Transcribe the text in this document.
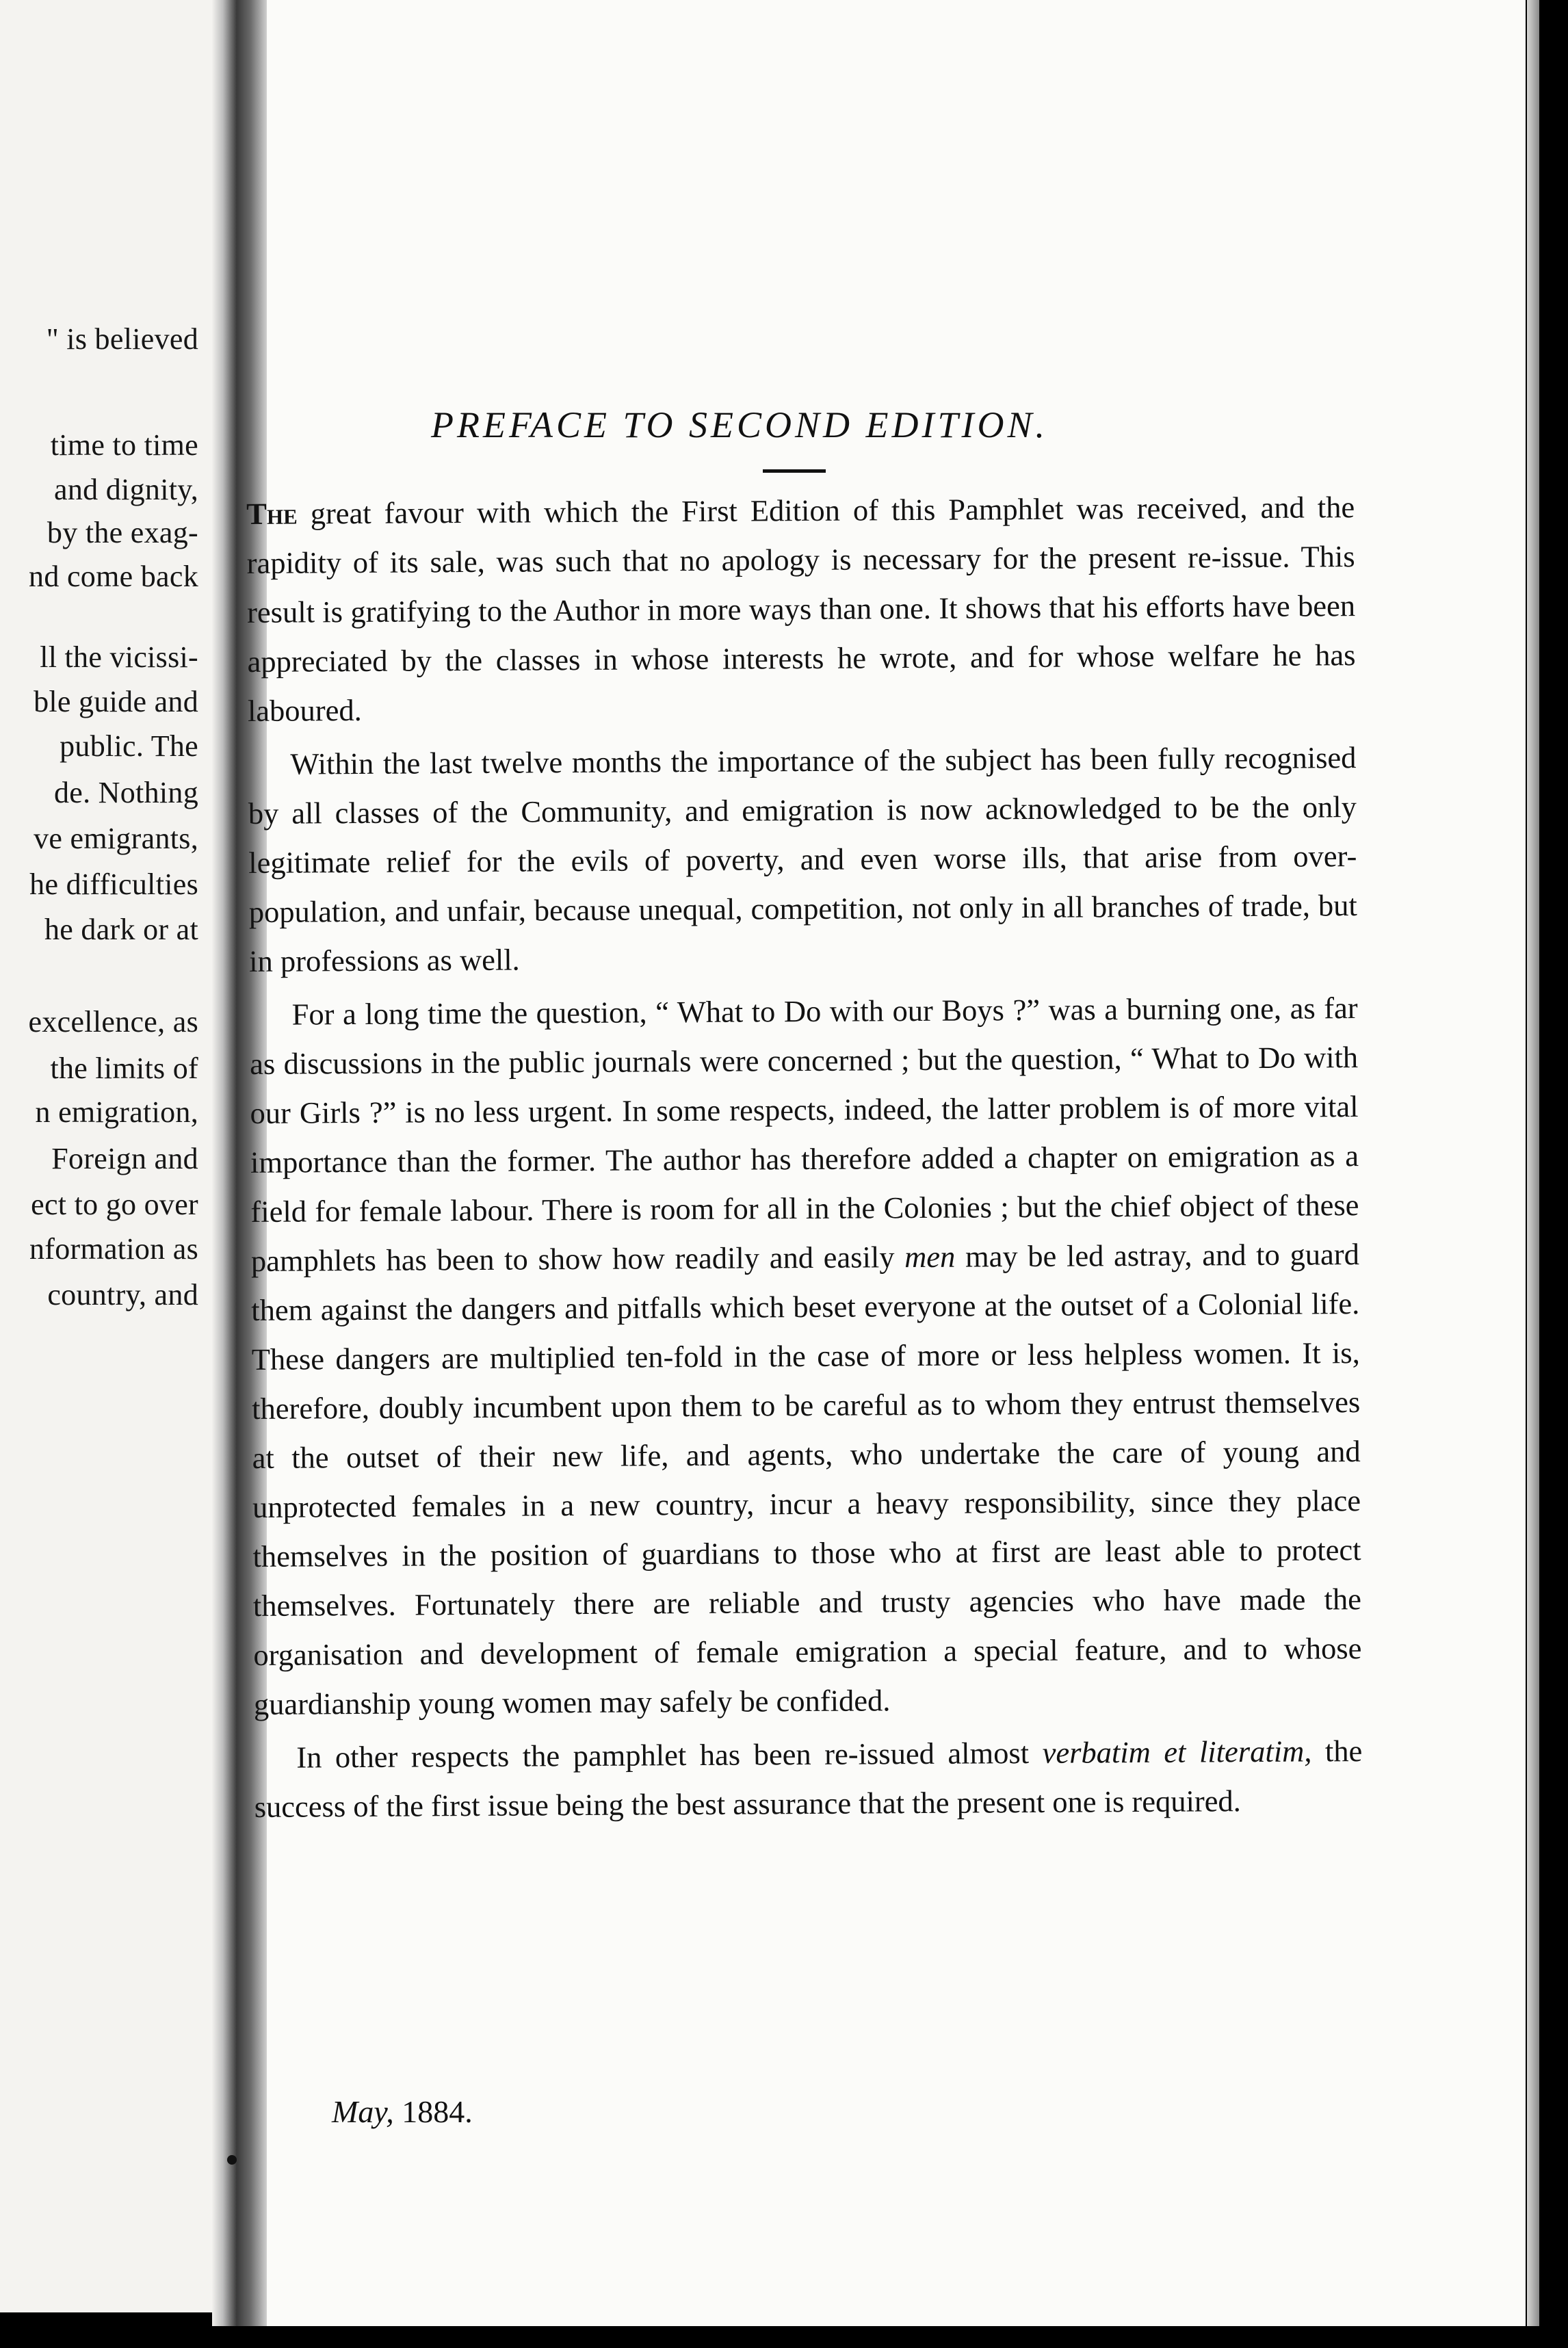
" is believed
time to time
and dignity,
by the exag-
nd come back
ll the vicissi-
ble guide and
public. The
de. Nothing
ve emigrants,
he difficulties
he dark or at
excellence, as
the limits of
n emigration,
Foreign and
ect to go over
nformation as
country, and
PREFACE TO SECOND EDITION.

The great favour with which the First Edition of this Pamphlet was received, and the rapidity of its sale, was such that no apology is necessary for the present re-issue. This result is gratifying to the Author in more ways than one. It shows that his efforts have been appreciated by the classes in whose interests he wrote, and for whose welfare he has laboured.

Within the last twelve months the importance of the subject has been fully recognised by all classes of the Community, and emigration is now acknowledged to be the only legitimate relief for the evils of poverty, and even worse ills, that arise from over-population, and unfair, because unequal, competition, not only in all branches of trade, but in professions as well.

For a long time the question, “ What to Do with our Boys ?” was a burning one, as far as discussions in the public journals were concerned ; but the question, “ What to Do with our Girls ?” is no less urgent. In some respects, indeed, the latter problem is of more vital importance than the former. The author has therefore added a chapter on emigration as a field for female labour. There is room for all in the Colonies ; but the chief object of these pamphlets has been to show how readily and easily men may be led astray, and to guard them against the dangers and pitfalls which beset everyone at the outset of a Colonial life. These dangers are multiplied ten-fold in the case of more or less helpless women. It is, therefore, doubly incumbent upon them to be careful as to whom they entrust themselves at the outset of their new life, and agents, who undertake the care of young and unprotected females in a new country, incur a heavy responsibility, since they place themselves in the position of guardians to those who at first are least able to protect themselves. Fortunately there are reliable and trusty agencies who have made the organisation and development of female emigration a special feature, and to whose guardianship young women may safely be confided.

In other respects the pamphlet has been re-issued almost verbatim et literatim, the success of the first issue being the best assurance that the present one is required.

May, 1884.
